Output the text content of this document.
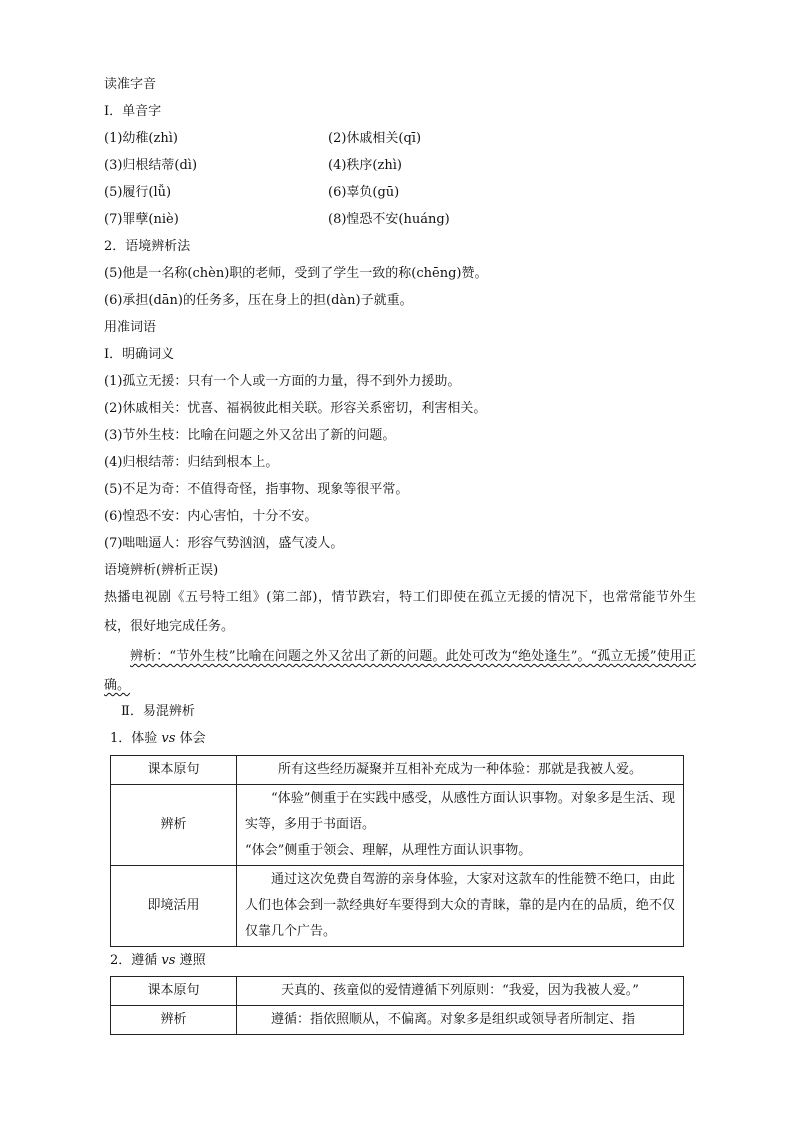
读准字音
Ⅰ．单音字
(1)幼稚(zhì)	(2)休戚相关(qī)
(3)归根结蒂(dì)	(4)秩序(zhì)
(5)履行(lǚ)	(6)辜负(gū)
(7)罪孽(niè)	(8)惶恐不安(huáng)
2．语境辨析法
(5)他是一名称(chèn)职的老师，受到了学生一致的称(chēng)赞。
(6)承担(dān)的任务多，压在身上的担(dàn)子就重。
用准词语
Ⅰ．明确词义
(1)孤立无援：只有一个人或一方面的力量，得不到外力援助。
(2)休戚相关：忧喜、福祸彼此相关联。形容关系密切，利害相关。
(3)节外生枝：比喻在问题之外又岔出了新的问题。
(4)归根结蒂：归结到根本上。
(5)不足为奇：不值得奇怪，指事物、现象等很平常。
(6)惶恐不安：内心害怕，十分不安。
(7)咄咄逼人：形容气势汹汹，盛气凌人。
语境辨析(辨析正误)
热播电视剧《五号特工组》(第二部)，情节跌宕，特工们即使在孤立无援的情况下，也常常能节外生枝，很好地完成任务。
辨析：“节外生枝”比喻在问题之外又岔出了新的问题。此处可改为“绝处逢生”。“孤立无援”使用正确。
Ⅱ．易混辨析
1．体验 vs 体会
课本原句	所有这些经历凝聚并互相补充成为一种体验：那就是我被人爱。
辨析	“体验”侧重于在实践中感受，从感性方面认识事物。对象多是生活、现实等，多用于书面语。
“体会”侧重于领会、理解，从理性方面认识事物。

即境活用	通过这次免费自驾游的亲身体验，大家对这款车的性能赞不绝口，由此人们也体会到一款经典好车要得到大众的青睐，靠的是内在的品质，绝不仅仅靠几个广告。
2．遵循 vs 遵照
课本原句	天真的、孩童似的爱情遵循下列原则：“我爱，因为我被人爱。”
辨析	遵循：指依照顺从，不偏离。对象多是组织或领导者所制定、指
